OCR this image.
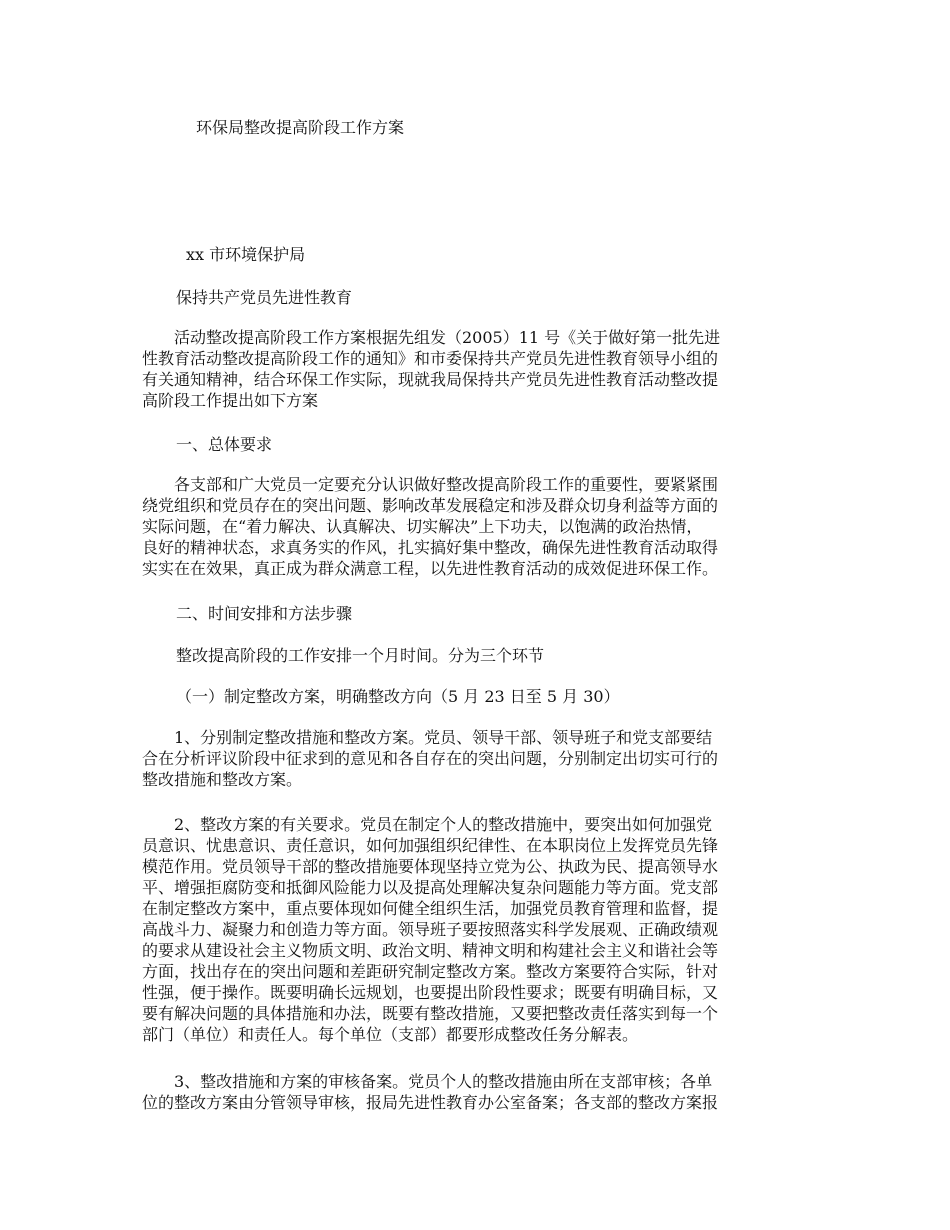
环保局整改提高阶段工作方案
xx 市环境保护局
保持共产党员先进性教育
活动整改提高阶段工作方案根据先组发（2005）11 号《关于做好第一批先进
性教育活动整改提高阶段工作的通知》和市委保持共产党员先进性教育领导小组的
有关通知精神，结合环保工作实际，现就我局保持共产党员先进性教育活动整改提
高阶段工作提出如下方案
一、总体要求
各支部和广大党员一定要充分认识做好整改提高阶段工作的重要性，要紧紧围
绕党组织和党员存在的突出问题、影响改革发展稳定和涉及群众切身利益等方面的
实际问题，在“着力解决、认真解决、切实解决”上下功夫，以饱满的政治热情，
良好的精神状态，求真务实的作风，扎实搞好集中整改，确保先进性教育活动取得
实实在在效果，真正成为群众满意工程，以先进性教育活动的成效促进环保工作。
二、时间安排和方法步骤
整改提高阶段的工作安排一个月时间。分为三个环节
（一）制定整改方案，明确整改方向（5 月 23 日至 5 月 30）
1、分别制定整改措施和整改方案。党员、领导干部、领导班子和党支部要结
合在分析评议阶段中征求到的意见和各自存在的突出问题，分别制定出切实可行的
整改措施和整改方案。
2、整改方案的有关要求。党员在制定个人的整改措施中，要突出如何加强党
员意识、忧患意识、责任意识，如何加强组织纪律性、在本职岗位上发挥党员先锋
模范作用。党员领导干部的整改措施要体现坚持立党为公、执政为民、提高领导水
平、增强拒腐防变和抵御风险能力以及提高处理解决复杂问题能力等方面。党支部
在制定整改方案中，重点要体现如何健全组织生活，加强党员教育管理和监督，提
高战斗力、凝聚力和创造力等方面。领导班子要按照落实科学发展观、正确政绩观
的要求从建设社会主义物质文明、政治文明、精神文明和构建社会主义和谐社会等
方面，找出存在的突出问题和差距研究制定整改方案。整改方案要符合实际，针对
性强，便于操作。既要明确长远规划，也要提出阶段性要求；既要有明确目标，又
要有解决问题的具体措施和办法，既要有整改措施，又要把整改责任落实到每一个
部门（单位）和责任人。每个单位（支部）都要形成整改任务分解表。
3、整改措施和方案的审核备案。党员个人的整改措施由所在支部审核；各单
位的整改方案由分管领导审核，报局先进性教育办公室备案；各支部的整改方案报
